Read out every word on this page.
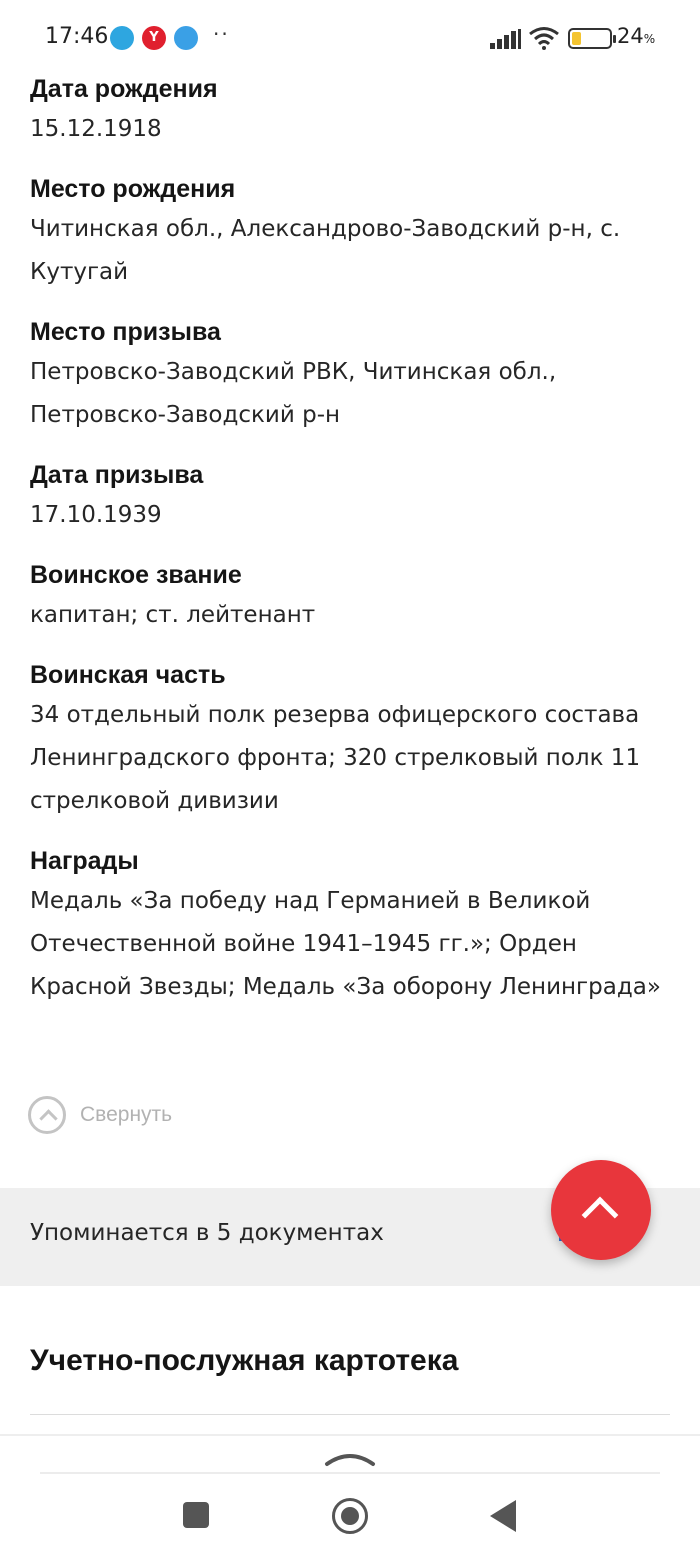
17:46	Y	··	24%
Дата рождения
15.12.1918
Место рождения
Читинская обл., Александрово-Заводский р-н, с. Кутугай
Место призыва
Петровско-Заводский РВК, Читинская обл., Петровско-Заводский р-н
Дата призыва
17.10.1939
Воинское звание
капитан; ст. лейтенант
Воинская часть
34 отдельный полк резерва офицерского состава Ленинградского фронта; 320 стрелковый полк 11 стрелковой дивизии
Награды
Медаль «За победу над Германией в Великой Отечественной войне 1941–1945 гг.»; Орден Красной Звезды; Медаль «За оборону Ленинграда»
Свернуть
Упоминается в 5 документах
Учетно-послужная картотека
